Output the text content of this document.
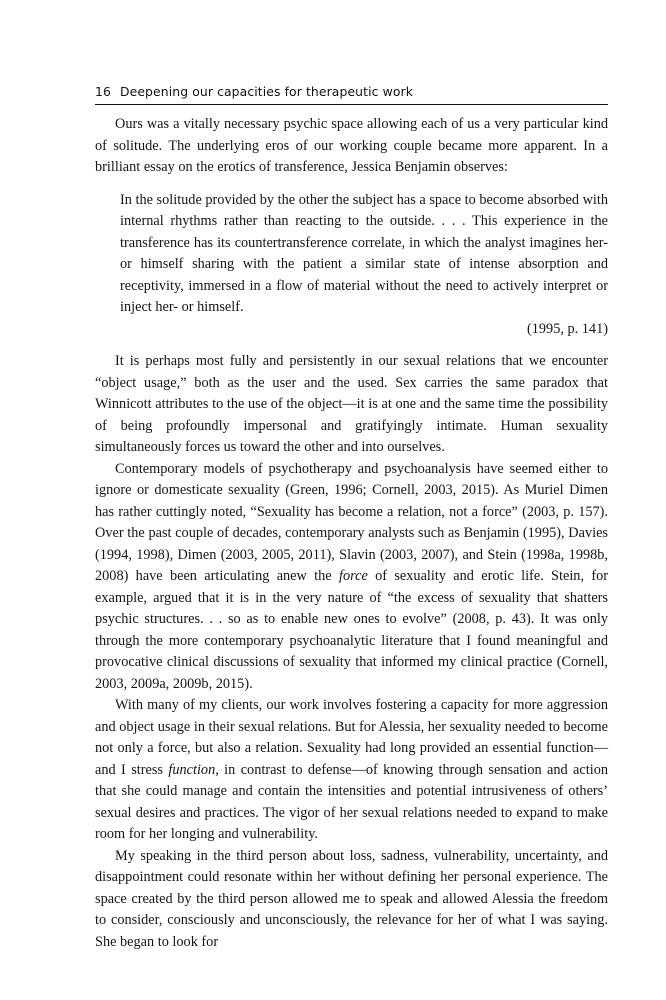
16 Deepening our capacities for therapeutic work

Ours was a vitally necessary psychic space allowing each of us a very particular kind of solitude. The underlying eros of our working couple became more apparent. In a brilliant essay on the erotics of transference, Jessica Benjamin observes:

In the solitude provided by the other the subject has a space to become absorbed with internal rhythms rather than reacting to the outside. . . . This experience in the transference has its countertransference correlate, in which the analyst imagines her- or himself sharing with the patient a similar state of intense absorption and receptivity, immersed in a flow of material without the need to actively interpret or inject her- or himself.

(1995, p. 141)

It is perhaps most fully and persistently in our sexual relations that we encounter “object usage,” both as the user and the used. Sex carries the same paradox that Winnicott attributes to the use of the object—it is at one and the same time the possibility of being profoundly impersonal and gratifyingly intimate. Human sexuality simultaneously forces us toward the other and into ourselves.

Contemporary models of psychotherapy and psychoanalysis have seemed either to ignore or domesticate sexuality (Green, 1996; Cornell, 2003, 2015). As Muriel Dimen has rather cuttingly noted, “Sexuality has become a relation, not a force” (2003, p. 157). Over the past couple of decades, contemporary analysts such as Benjamin (1995), Davies (1994, 1998), Dimen (2003, 2005, 2011), Slavin (2003, 2007), and Stein (1998a, 1998b, 2008) have been articulating anew the force of sexuality and erotic life. Stein, for example, argued that it is in the very nature of “the excess of sexuality that shatters psychic structures. . . so as to enable new ones to evolve” (2008, p. 43). It was only through the more contemporary psychoanalytic literature that I found meaningful and provocative clinical discussions of sexuality that informed my clinical practice (Cornell, 2003, 2009a, 2009b, 2015).

With many of my clients, our work involves fostering a capacity for more aggression and object usage in their sexual relations. But for Alessia, her sexuality needed to become not only a force, but also a relation. Sexuality had long provided an essential function—and I stress function, in contrast to defense—of knowing through sensation and action that she could manage and contain the intensities and potential intrusiveness of others’ sexual desires and practices. The vigor of her sexual relations needed to expand to make room for her longing and vulnerability.

My speaking in the third person about loss, sadness, vulnerability, uncertainty, and disappointment could resonate within her without defining her personal experience. The space created by the third person allowed me to speak and allowed Alessia the freedom to consider, consciously and unconsciously, the relevance for her of what I was saying. She began to look for
